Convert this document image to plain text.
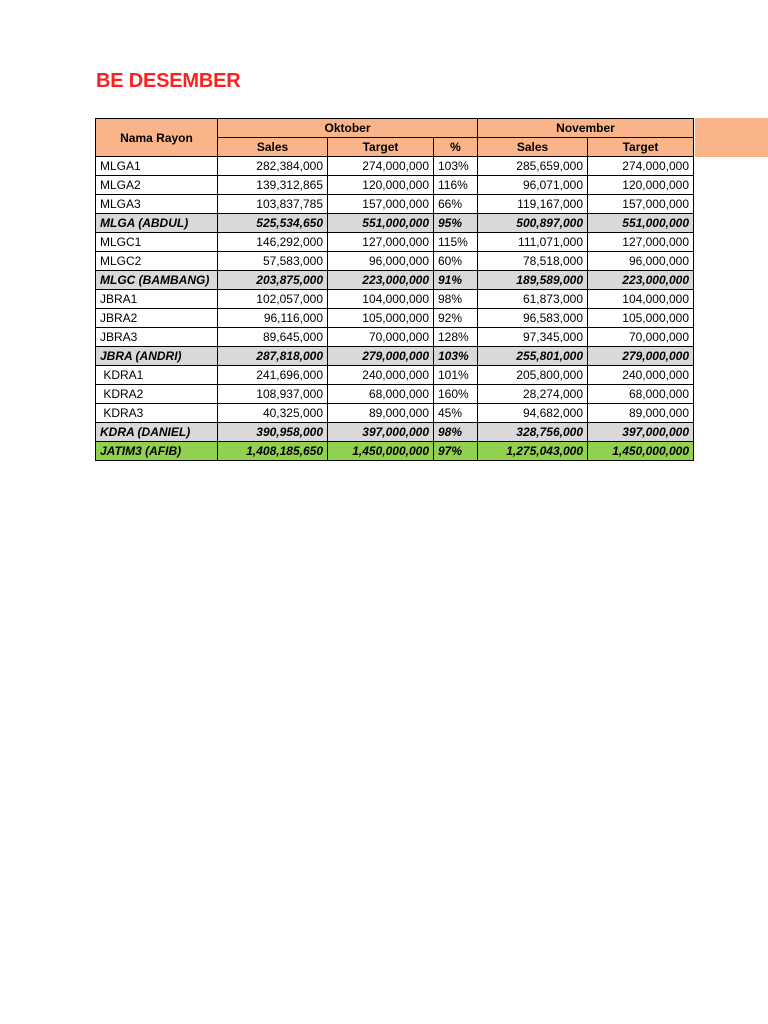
BE DESEMBER
Nama Rayon	Oktober			November	
	Sales	Target	%	Sales	Target
MLGA1	282,384,000	274,000,000	103%	285,659,000	274,000,000
MLGA2	139,312,865	120,000,000	116%	96,071,000	120,000,000
MLGA3	103,837,785	157,000,000	66%	119,167,000	157,000,000
MLGA (ABDUL)	525,534,650	551,000,000	95%	500,897,000	551,000,000
MLGC1	146,292,000	127,000,000	115%	111,071,000	127,000,000
MLGC2	57,583,000	96,000,000	60%	78,518,000	96,000,000
MLGC (BAMBANG)	203,875,000	223,000,000	91%	189,589,000	223,000,000
JBRA1	102,057,000	104,000,000	98%	61,873,000	104,000,000
JBRA2	96,116,000	105,000,000	92%	96,583,000	105,000,000
JBRA3	89,645,000	70,000,000	128%	97,345,000	70,000,000
JBRA (ANDRI)	287,818,000	279,000,000	103%	255,801,000	279,000,000
KDRA1	241,696,000	240,000,000	101%	205,800,000	240,000,000
KDRA2	108,937,000	68,000,000	160%	28,274,000	68,000,000
KDRA3	40,325,000	89,000,000	45%	94,682,000	89,000,000
KDRA (DANIEL)	390,958,000	397,000,000	98%	328,756,000	397,000,000
JATIM3 (AFIB)	1,408,185,650	1,450,000,000	97%	1,275,043,000	1,450,000,000
